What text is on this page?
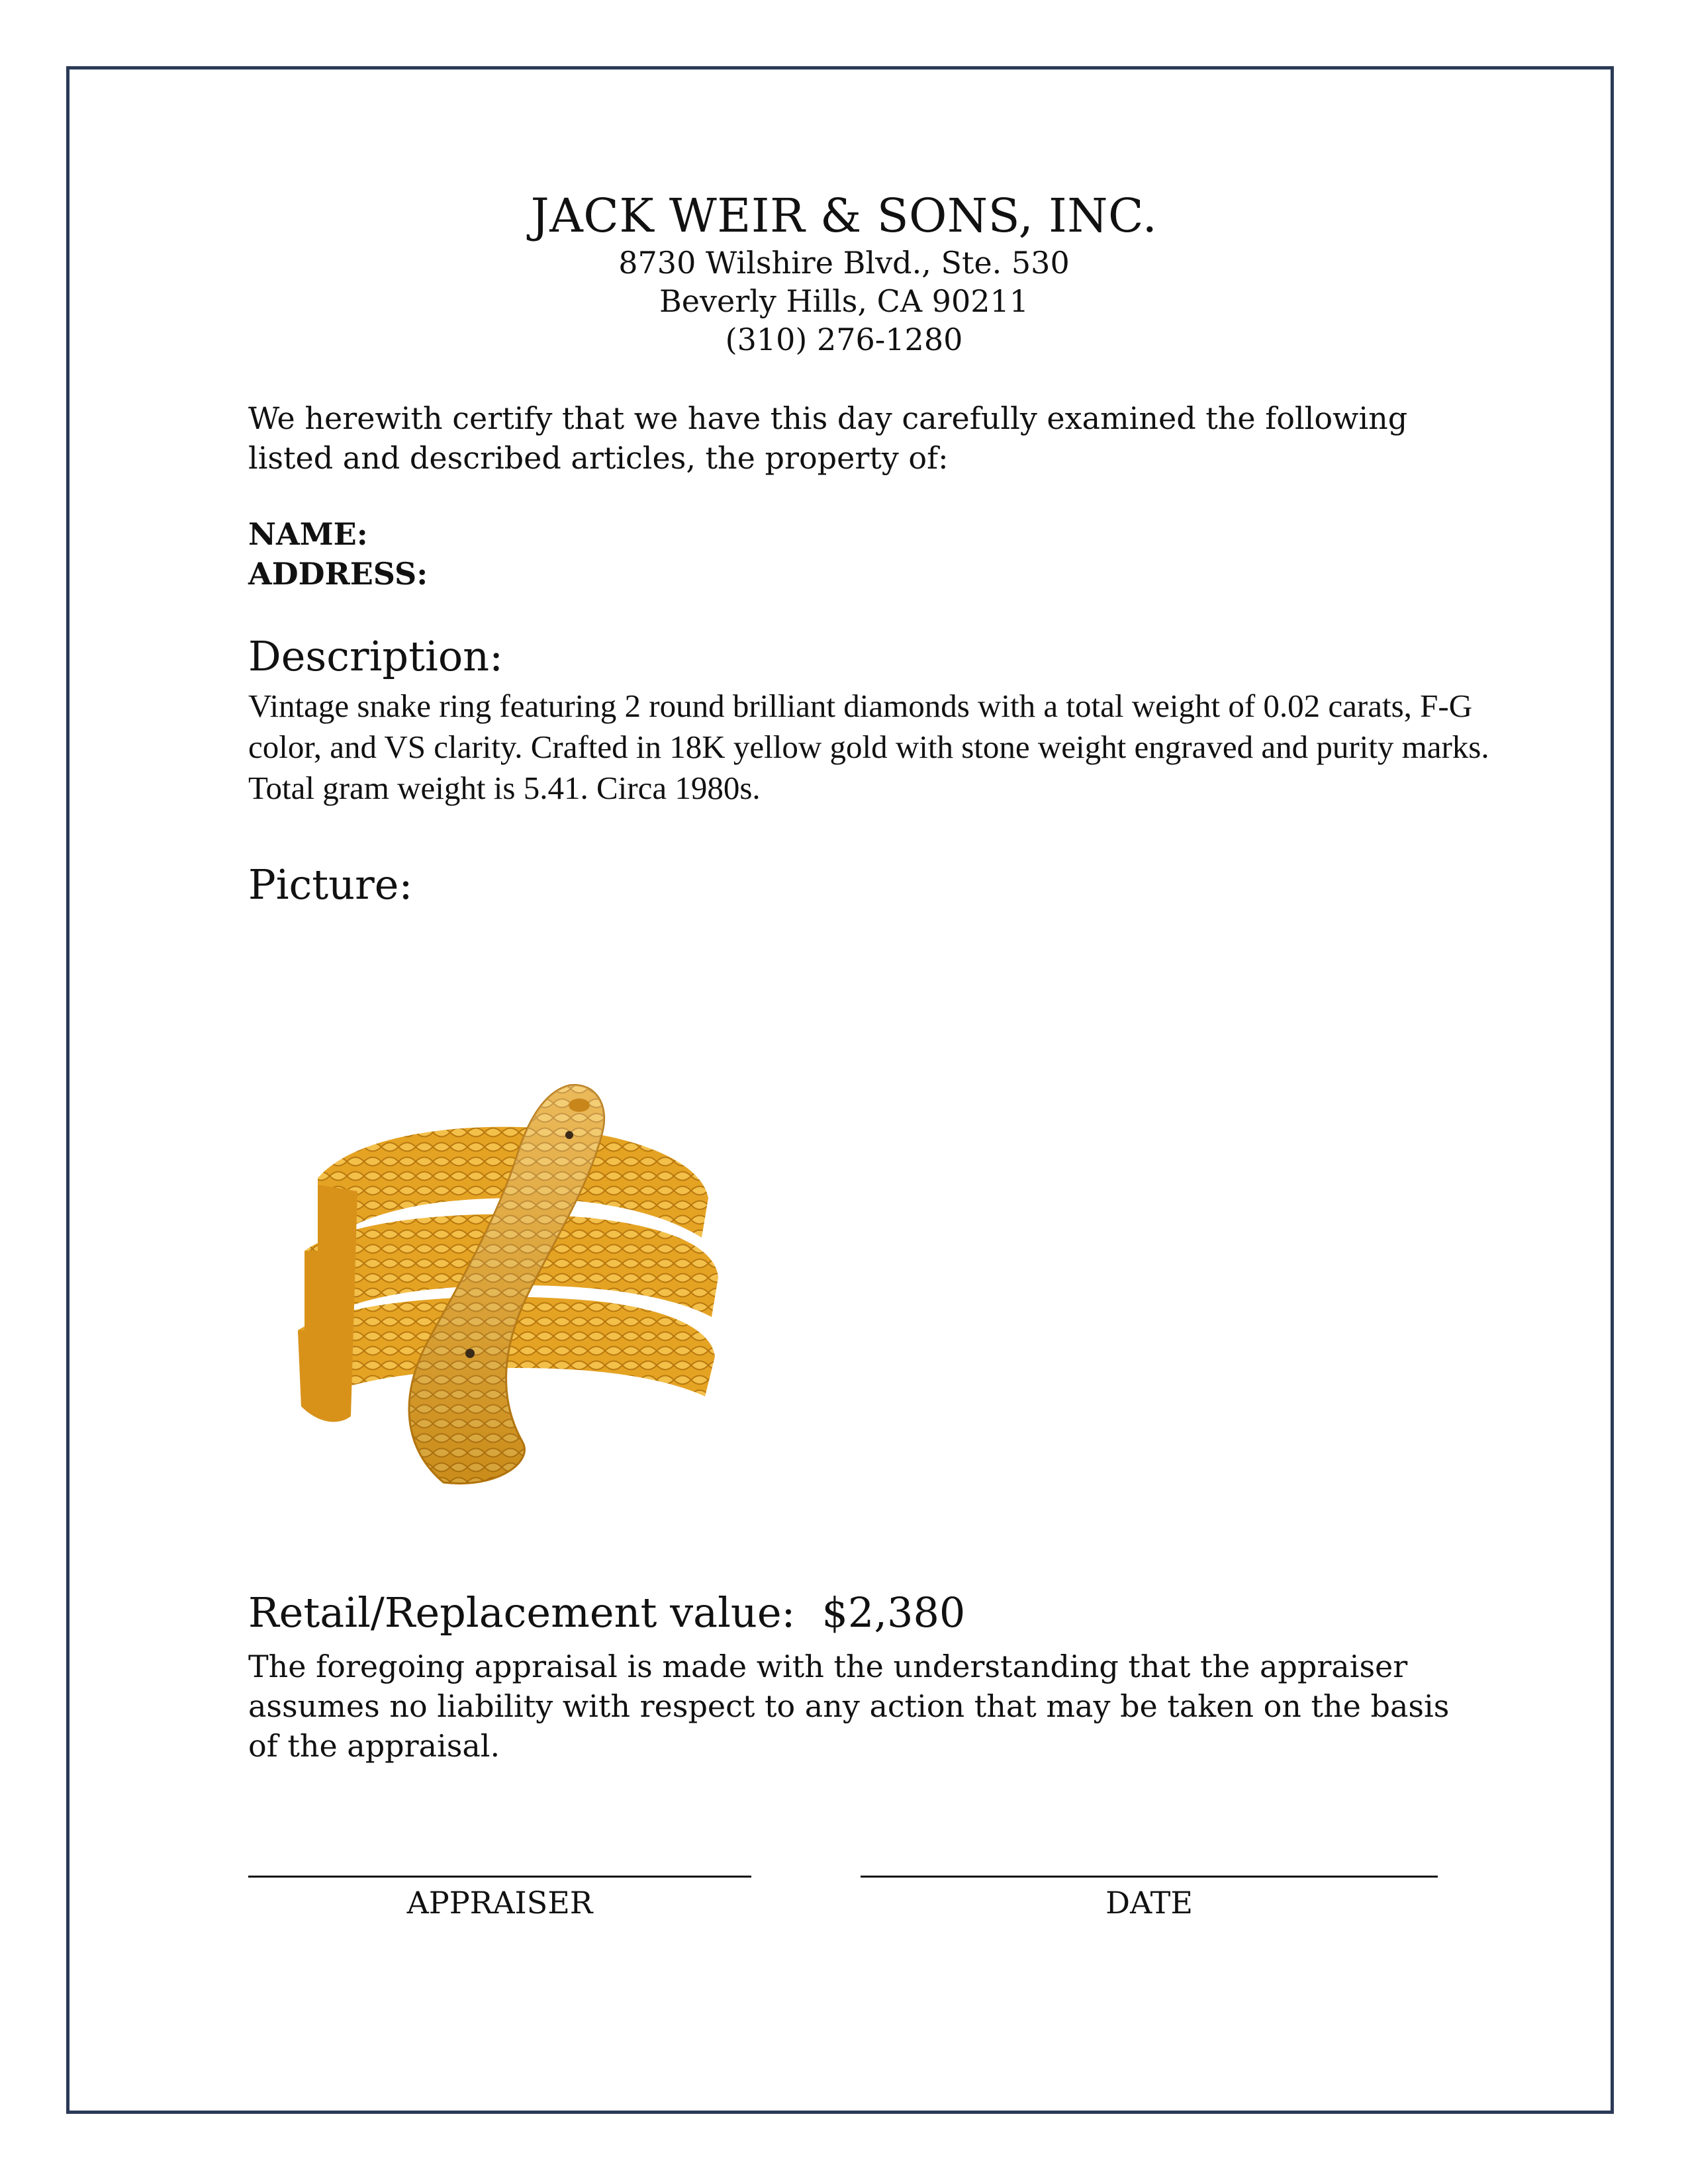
JACK WEIR & SONS, INC.
8730 Wilshire Blvd., Ste. 530
Beverly Hills, CA 90211
(310) 276-1280
We herewith certify that we have this day carefully examined the following listed and described articles, the property of:
NAME:
ADDRESS:
Description:
Vintage snake ring featuring 2 round brilliant diamonds with a total weight of 0.02 carats, F-G color, and VS clarity. Crafted in 18K yellow gold with stone weight engraved and purity marks. Total gram weight is 5.41. Circa 1980s.
Picture:
Retail/Replacement value: $2,380
The foregoing appraisal is made with the understanding that the appraiser assumes no liability with respect to any action that may be taken on the basis of the appraisal.
APPRAISER	DATE
